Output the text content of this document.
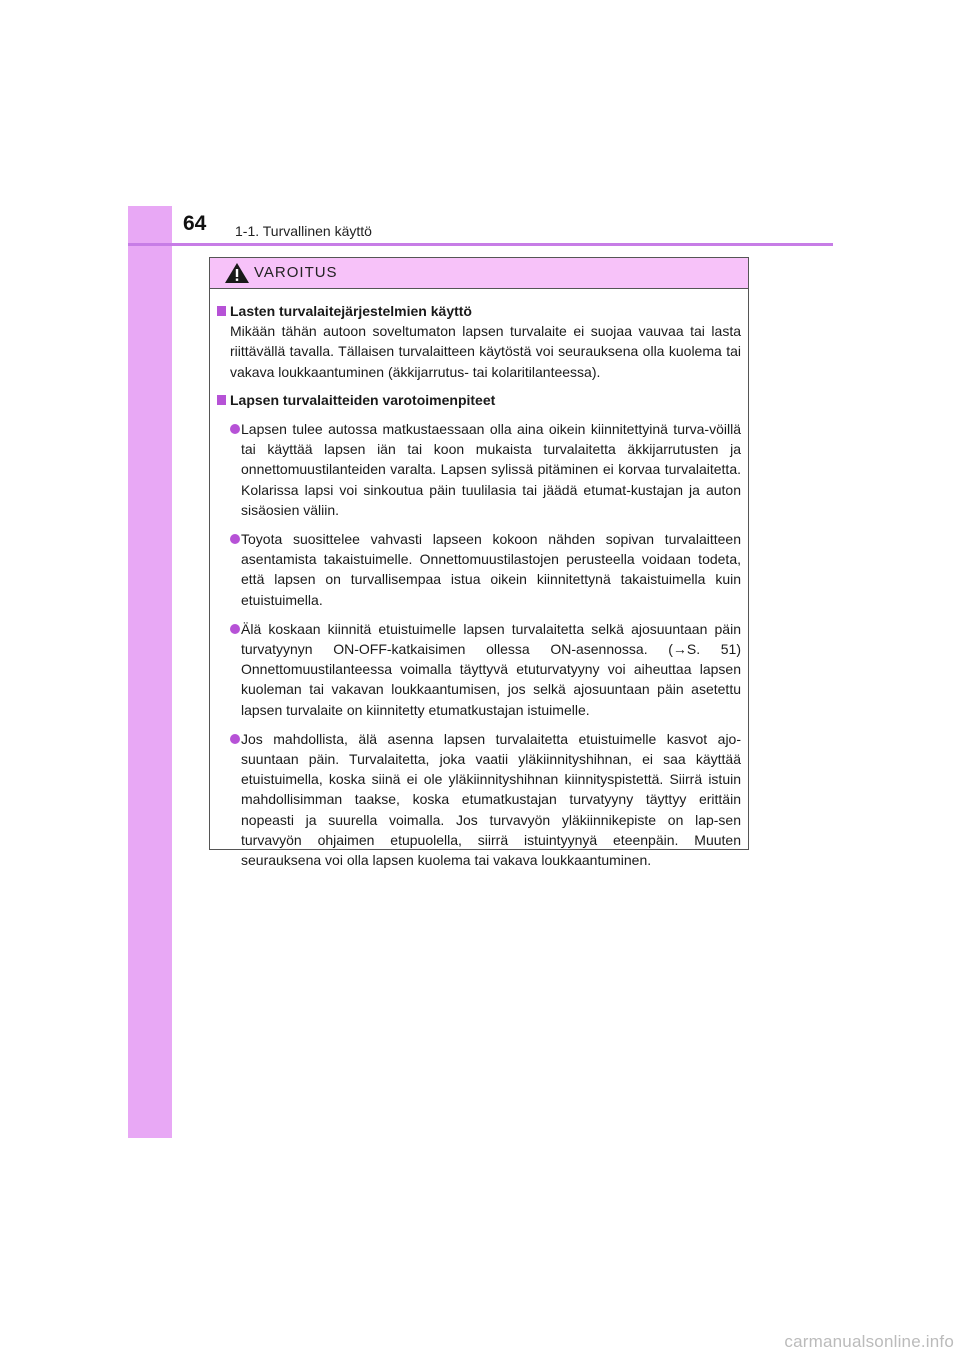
64 1-1. Turvallinen käyttö
VAROITUS
Lasten turvalaitejärjestelmien käyttö

Mikään tähän autoon soveltumaton lapsen turvalaite ei suojaa vauvaa tai lasta riittävällä tavalla. Tällaisen turvalaitteen käytöstä voi seurauksena olla kuolema tai vakava loukkaantuminen (äkkijarrutus- tai kolaritilanteessa).

Lapsen turvalaitteiden varotoimenpiteet
Lapsen tulee autossa matkustaessaan olla aina oikein kiinnitettyinä turva-vöillä tai käyttää lapsen iän tai koon mukaista turvalaitetta äkkijarrutusten ja onnettomuustilanteiden varalta. Lapsen sylissä pitäminen ei korvaa turvalaitetta. Kolarissa lapsi voi sinkoutua päin tuulilasia tai jäädä etumat-kustajan ja auton sisäosien väliin.
Toyota suosittelee vahvasti lapseen kokoon nähden sopivan turvalaitteen asentamista takaistuimelle. Onnettomuustilastojen perusteella voidaan todeta, että lapsen on turvallisempaa istua oikein kiinnitettynä takaistuimella kuin etuistuimella.
Älä koskaan kiinnitä etuistuimelle lapsen turvalaitetta selkä ajosuuntaan päin turvatyynyn ON-OFF-katkaisimen ollessa ON-asennossa. (→S. 51) Onnettomuustilanteessa voimalla täyttyvä etuturvatyyny voi aiheuttaa lapsen kuoleman tai vakavan loukkaantumisen, jos selkä ajosuuntaan päin asetettu lapsen turvalaite on kiinnitetty etumatkustajan istuimelle.
Jos mahdollista, älä asenna lapsen turvalaitetta etuistuimelle kasvot ajo-suuntaan päin. Turvalaitetta, joka vaatii yläkiinnityshihnan, ei saa käyttää etuistuimella, koska siinä ei ole yläkiinnityshihnan kiinnityspistettä. Siirrä istuin mahdollisimman taakse, koska etumatkustajan turvatyyny täyttyy erittäin nopeasti ja suurella voimalla. Jos turvavyön yläkiinnikepiste on lap-sen turvavyön ohjaimen etupuolella, siirrä istuintyynyä eteenpäin. Muuten seurauksena voi olla lapsen kuolema tai vakava loukkaantuminen.
carmanualsonline.info
